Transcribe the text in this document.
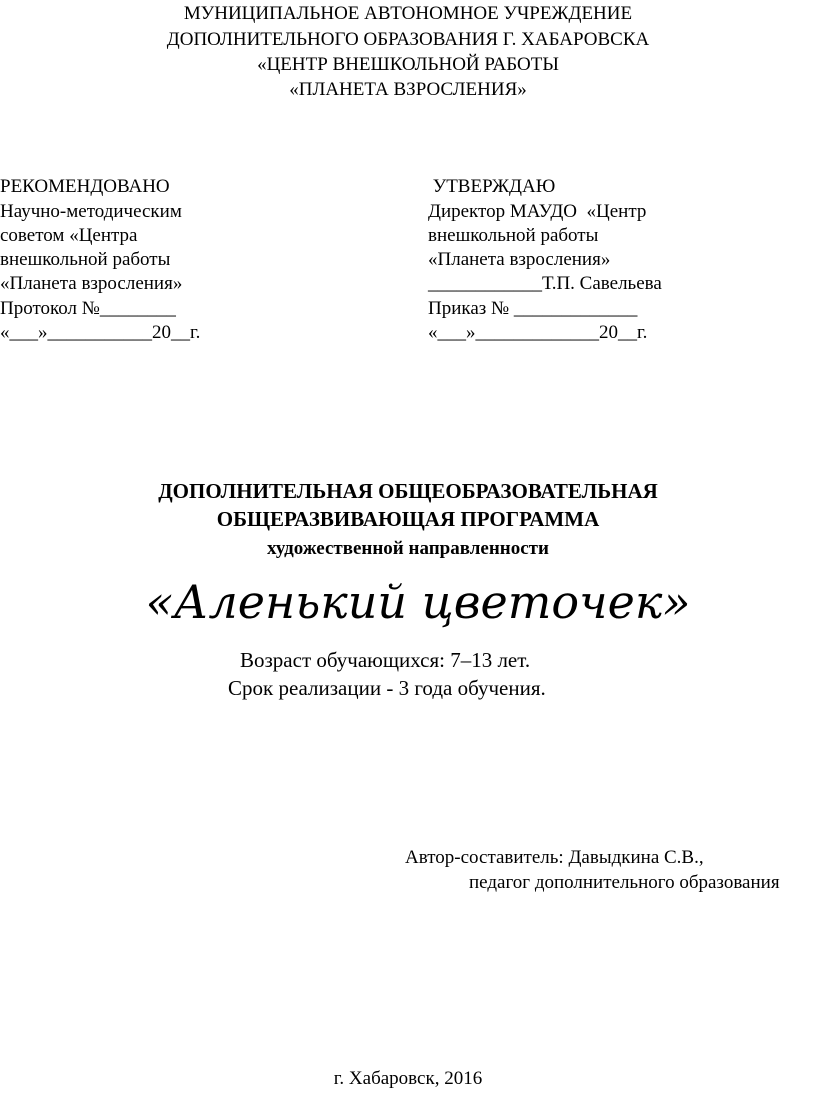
МУНИЦИПАЛЬНОЕ АВТОНОМНОЕ УЧРЕЖДЕНИЕ
ДОПОЛНИТЕЛЬНОГО ОБРАЗОВАНИЯ Г. ХАБАРОВСКА
«ЦЕНТР ВНЕШКОЛЬНОЙ РАБОТЫ
«ПЛАНЕТА ВЗРОСЛЕНИЯ»
РЕКОМЕНДОВАНО
Научно-методическим
советом «Центра
внешкольной работы
«Планета взросления»
Протокол №________
«___»___________20__г.
УТВЕРЖДАЮ
Директор МАУДО  «Центр
внешкольной работы
«Планета взросления»
____________Т.П. Савельева
Приказ № _____________
«___»_____________20__г.
ДОПОЛНИТЕЛЬНАЯ ОБЩЕОБРАЗОВАТЕЛЬНАЯ
ОБЩЕРАЗВИВАЮЩАЯ ПРОГРАММА
художественной направленности
«Аленький цветочек»
Возраст обучающихся: 7–13 лет.
Срок реализации - 3 года обучения.
Автор-составитель: Давыдкина С.В.,
педагог дополнительного образования
г. Хабаровск, 2016
